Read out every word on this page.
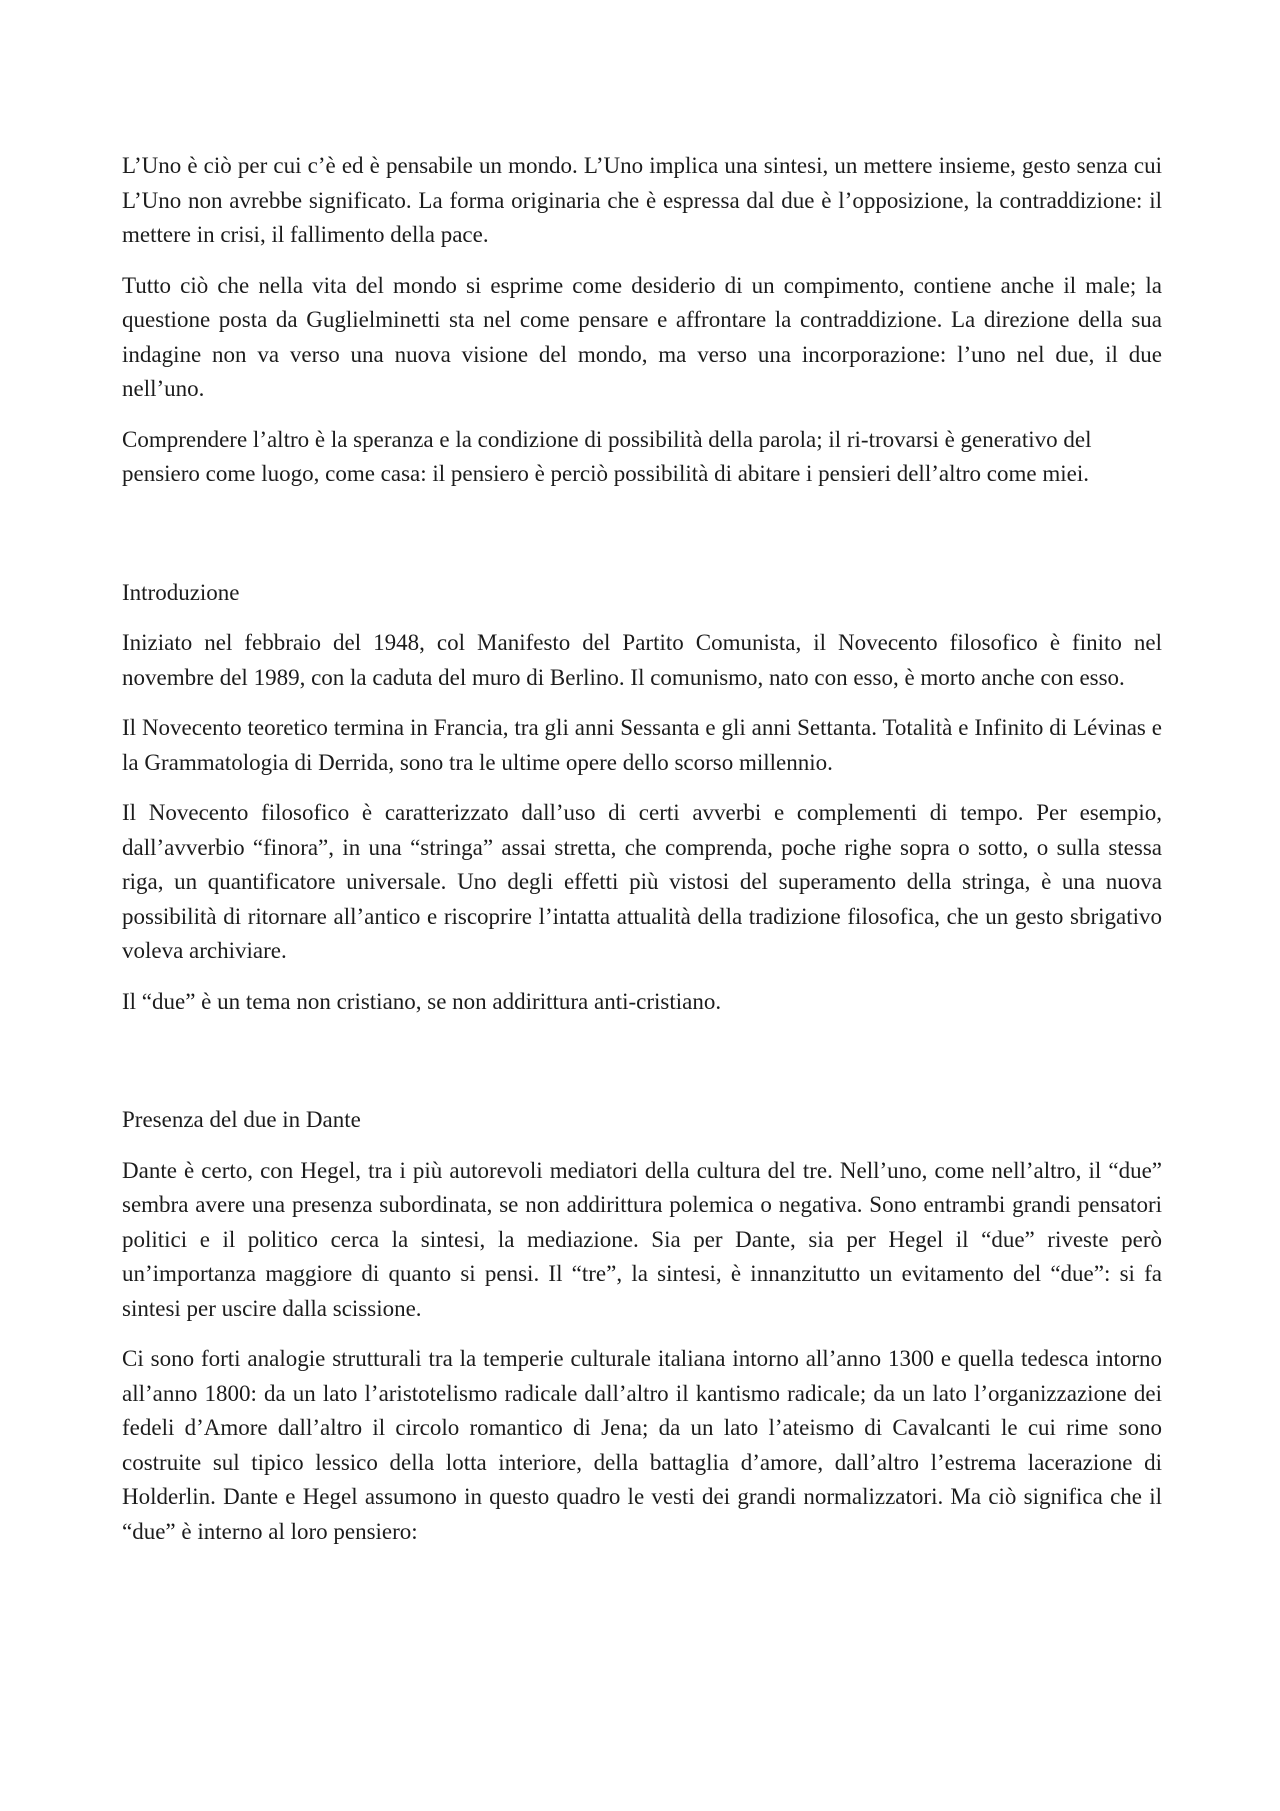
L’Uno è ciò per cui c’è ed è pensabile un mondo. L’Uno implica una sintesi, un mettere insieme, gesto senza cui L’Uno non avrebbe significato. La forma originaria che è espressa dal due è l’opposizione, la contraddizione: il mettere in crisi, il fallimento della pace.

Tutto ciò che nella vita del mondo si esprime come desiderio di un compimento, contiene anche il male; la questione posta da Guglielminetti sta nel come pensare e affrontare la contraddizione. La direzione della sua indagine non va verso una nuova visione del mondo, ma verso una incorporazione: l’uno nel due, il due nell’uno.

Comprendere l’altro è la speranza e la condizione di possibilità della parola; il ri-trovarsi è generativo del pensiero come luogo, come casa: il pensiero è perciò possibilità di abitare i pensieri dell’altro come miei.

Introduzione

Iniziato nel febbraio del 1948, col Manifesto del Partito Comunista, il Novecento filosofico è finito nel novembre del 1989, con la caduta del muro di Berlino. Il comunismo, nato con esso, è morto anche con esso.

Il Novecento teoretico termina in Francia, tra gli anni Sessanta e gli anni Settanta. Totalità e Infinito di Lévinas e la Grammatologia di Derrida, sono tra le ultime opere dello scorso millennio.

Il Novecento filosofico è caratterizzato dall’uso di certi avverbi e complementi di tempo. Per esempio, dall’avverbio “finora”, in una “stringa” assai stretta, che comprenda, poche righe sopra o sotto, o sulla stessa riga, un quantificatore universale. Uno degli effetti più vistosi del superamento della stringa, è una nuova possibilità di ritornare all’antico e riscoprire l’intatta attualità della tradizione filosofica, che un gesto sbrigativo voleva archiviare.

Il “due” è un tema non cristiano, se non addirittura anti-cristiano.

Presenza del due in Dante

Dante è certo, con Hegel, tra i più autorevoli mediatori della cultura del tre. Nell’uno, come nell’altro, il “due” sembra avere una presenza subordinata, se non addirittura polemica o negativa. Sono entrambi grandi pensatori politici e il politico cerca la sintesi, la mediazione. Sia per Dante, sia per Hegel il “due” riveste però un’importanza maggiore di quanto si pensi. Il “tre”, la sintesi, è innanzitutto un evitamento del “due”: si fa sintesi per uscire dalla scissione.

Ci sono forti analogie strutturali tra la temperie culturale italiana intorno all’anno 1300 e quella tedesca intorno all’anno 1800: da un lato l’aristotelismo radicale dall’altro il kantismo radicale; da un lato l’organizzazione dei fedeli d’Amore dall’altro il circolo romantico di Jena; da un lato l’ateismo di Cavalcanti le cui rime sono costruite sul tipico lessico della lotta interiore, della battaglia d’amore, dall’altro l’estrema lacerazione di Holderlin. Dante e Hegel assumono in questo quadro le vesti dei grandi normalizzatori. Ma ciò significa che il “due” è interno al loro pensiero:
